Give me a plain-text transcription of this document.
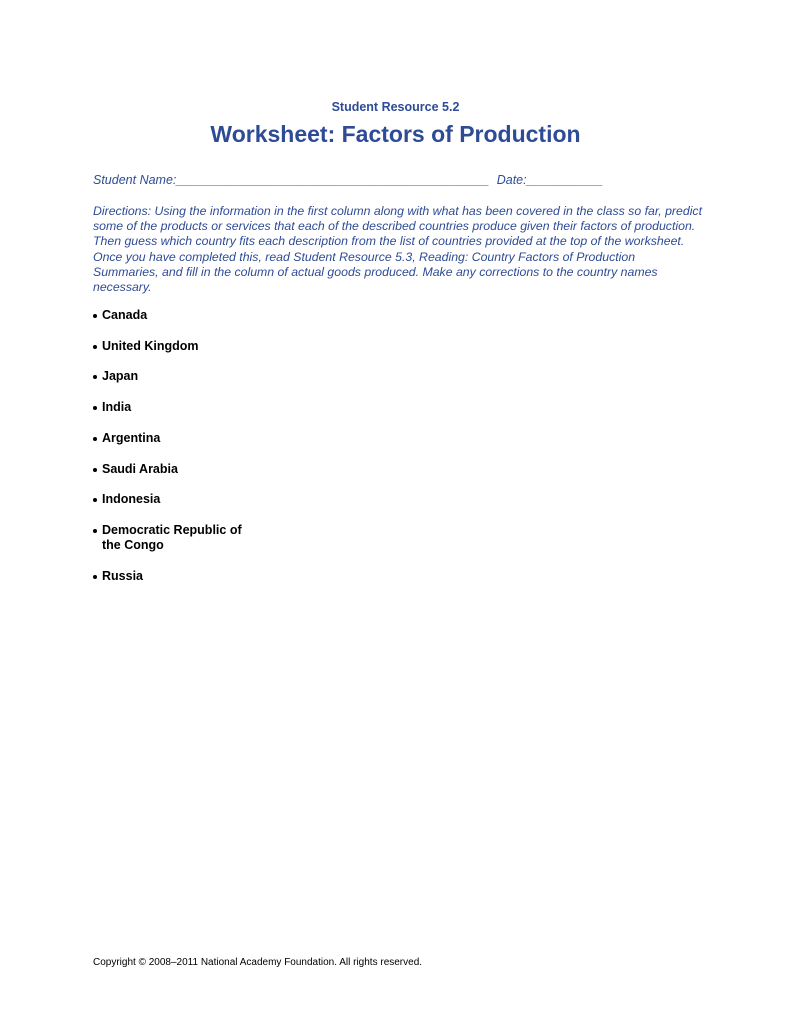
Student Resource 5.2
Worksheet: Factors of Production
Student Name:_____________________________________________ Date:___________

Directions: Using the information in the first column along with what has been covered in the class so far, predict some of the products or services that each of the described countries produce given their factors of production. Then guess which country fits each description from the list of countries provided at the top of the worksheet. Once you have completed this, read Student Resource 5.3, Reading: Country Factors of Production Summaries, and fill in the column of actual goods produced. Make any corrections to the country names necessary.

Canada
United Kingdom
Japan
India
Argentina
Saudi Arabia
Indonesia
Democratic Republic of the Congo
Russia
Copyright © 2008–2011 National Academy Foundation. All rights reserved.
